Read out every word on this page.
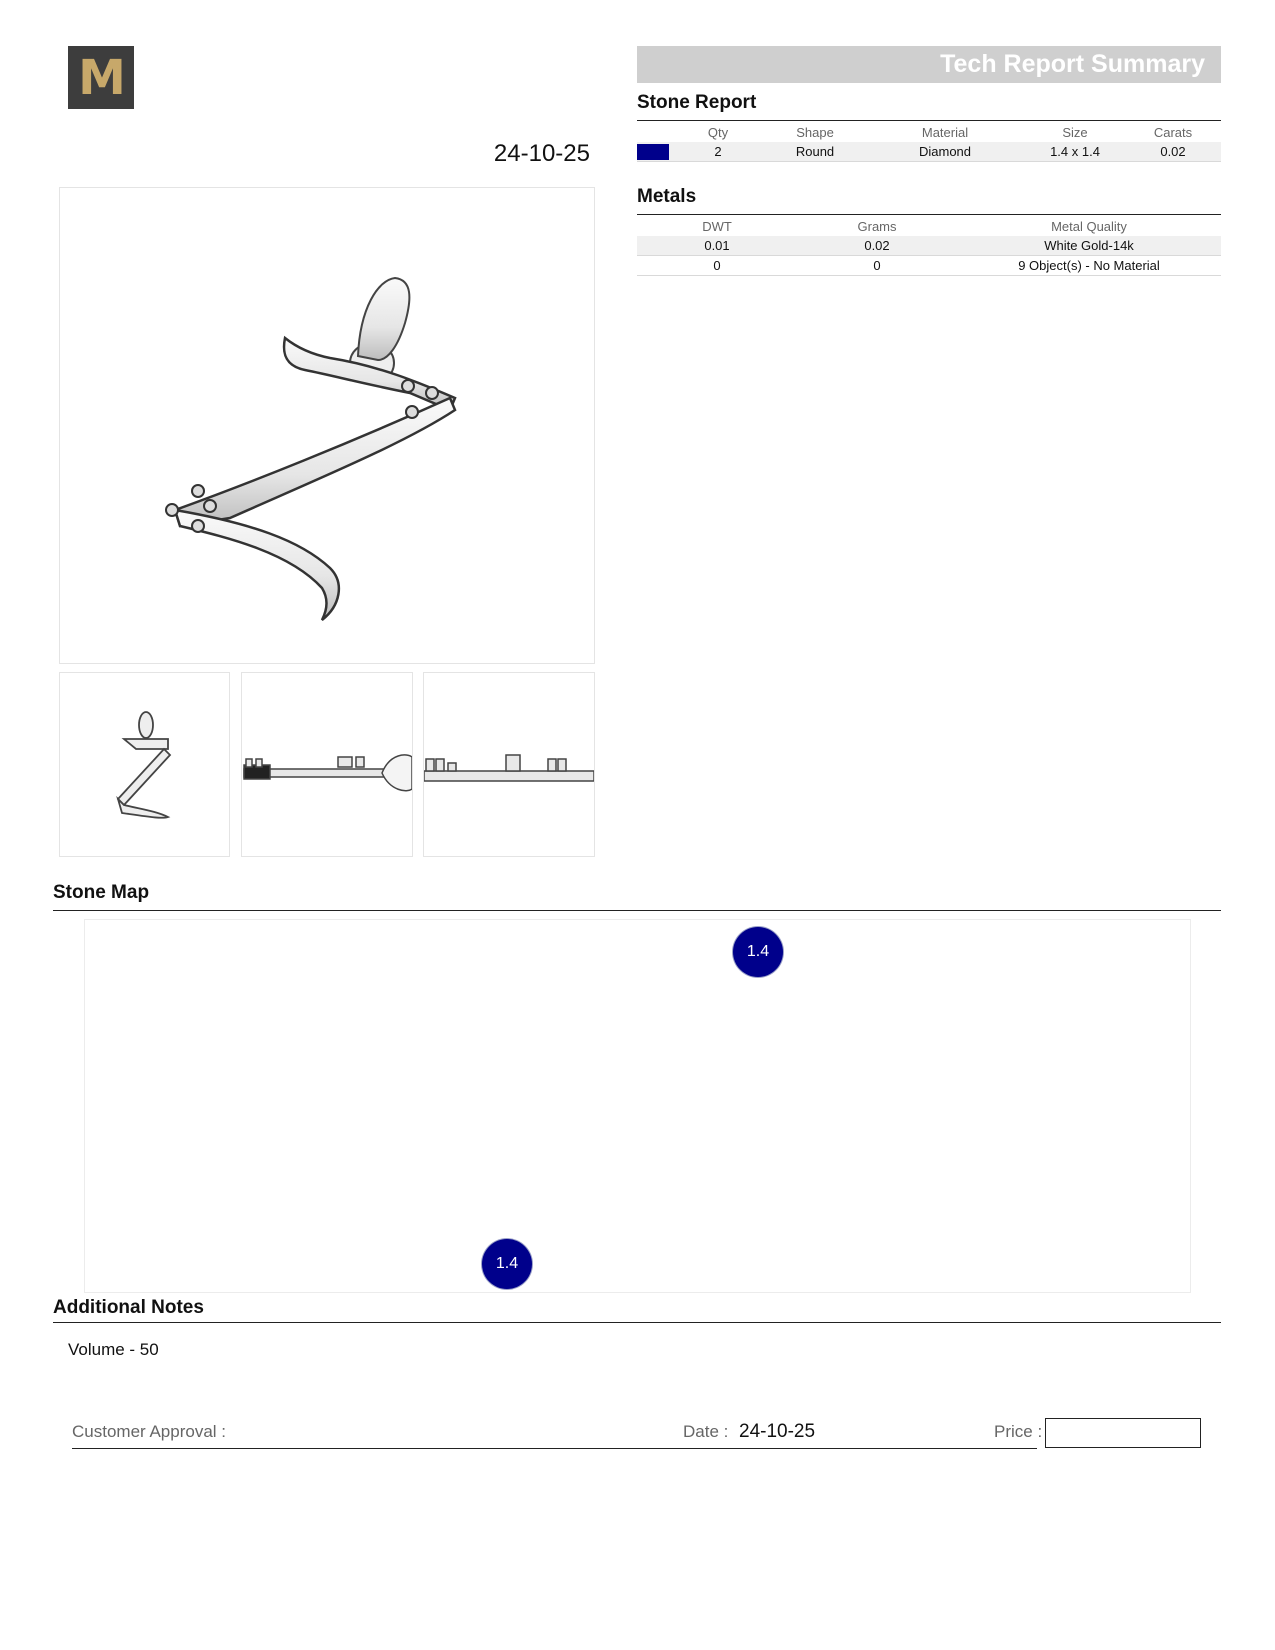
M
24-10-25
Tech Report Summary
Stone Report
	Qty	Shape	Material	Size	Carats

	2	Round	Diamond	1.4 x 1.4	0.02
Metals
DWT	Grams	Metal Quality
0.01	0.02	White Gold-14k
0	0	9 Object(s) - No Material
Stone Map
1.4
1.4
Additional Notes
Volume - 50
Customer Approval :	Date : 24-10-25	Price :
